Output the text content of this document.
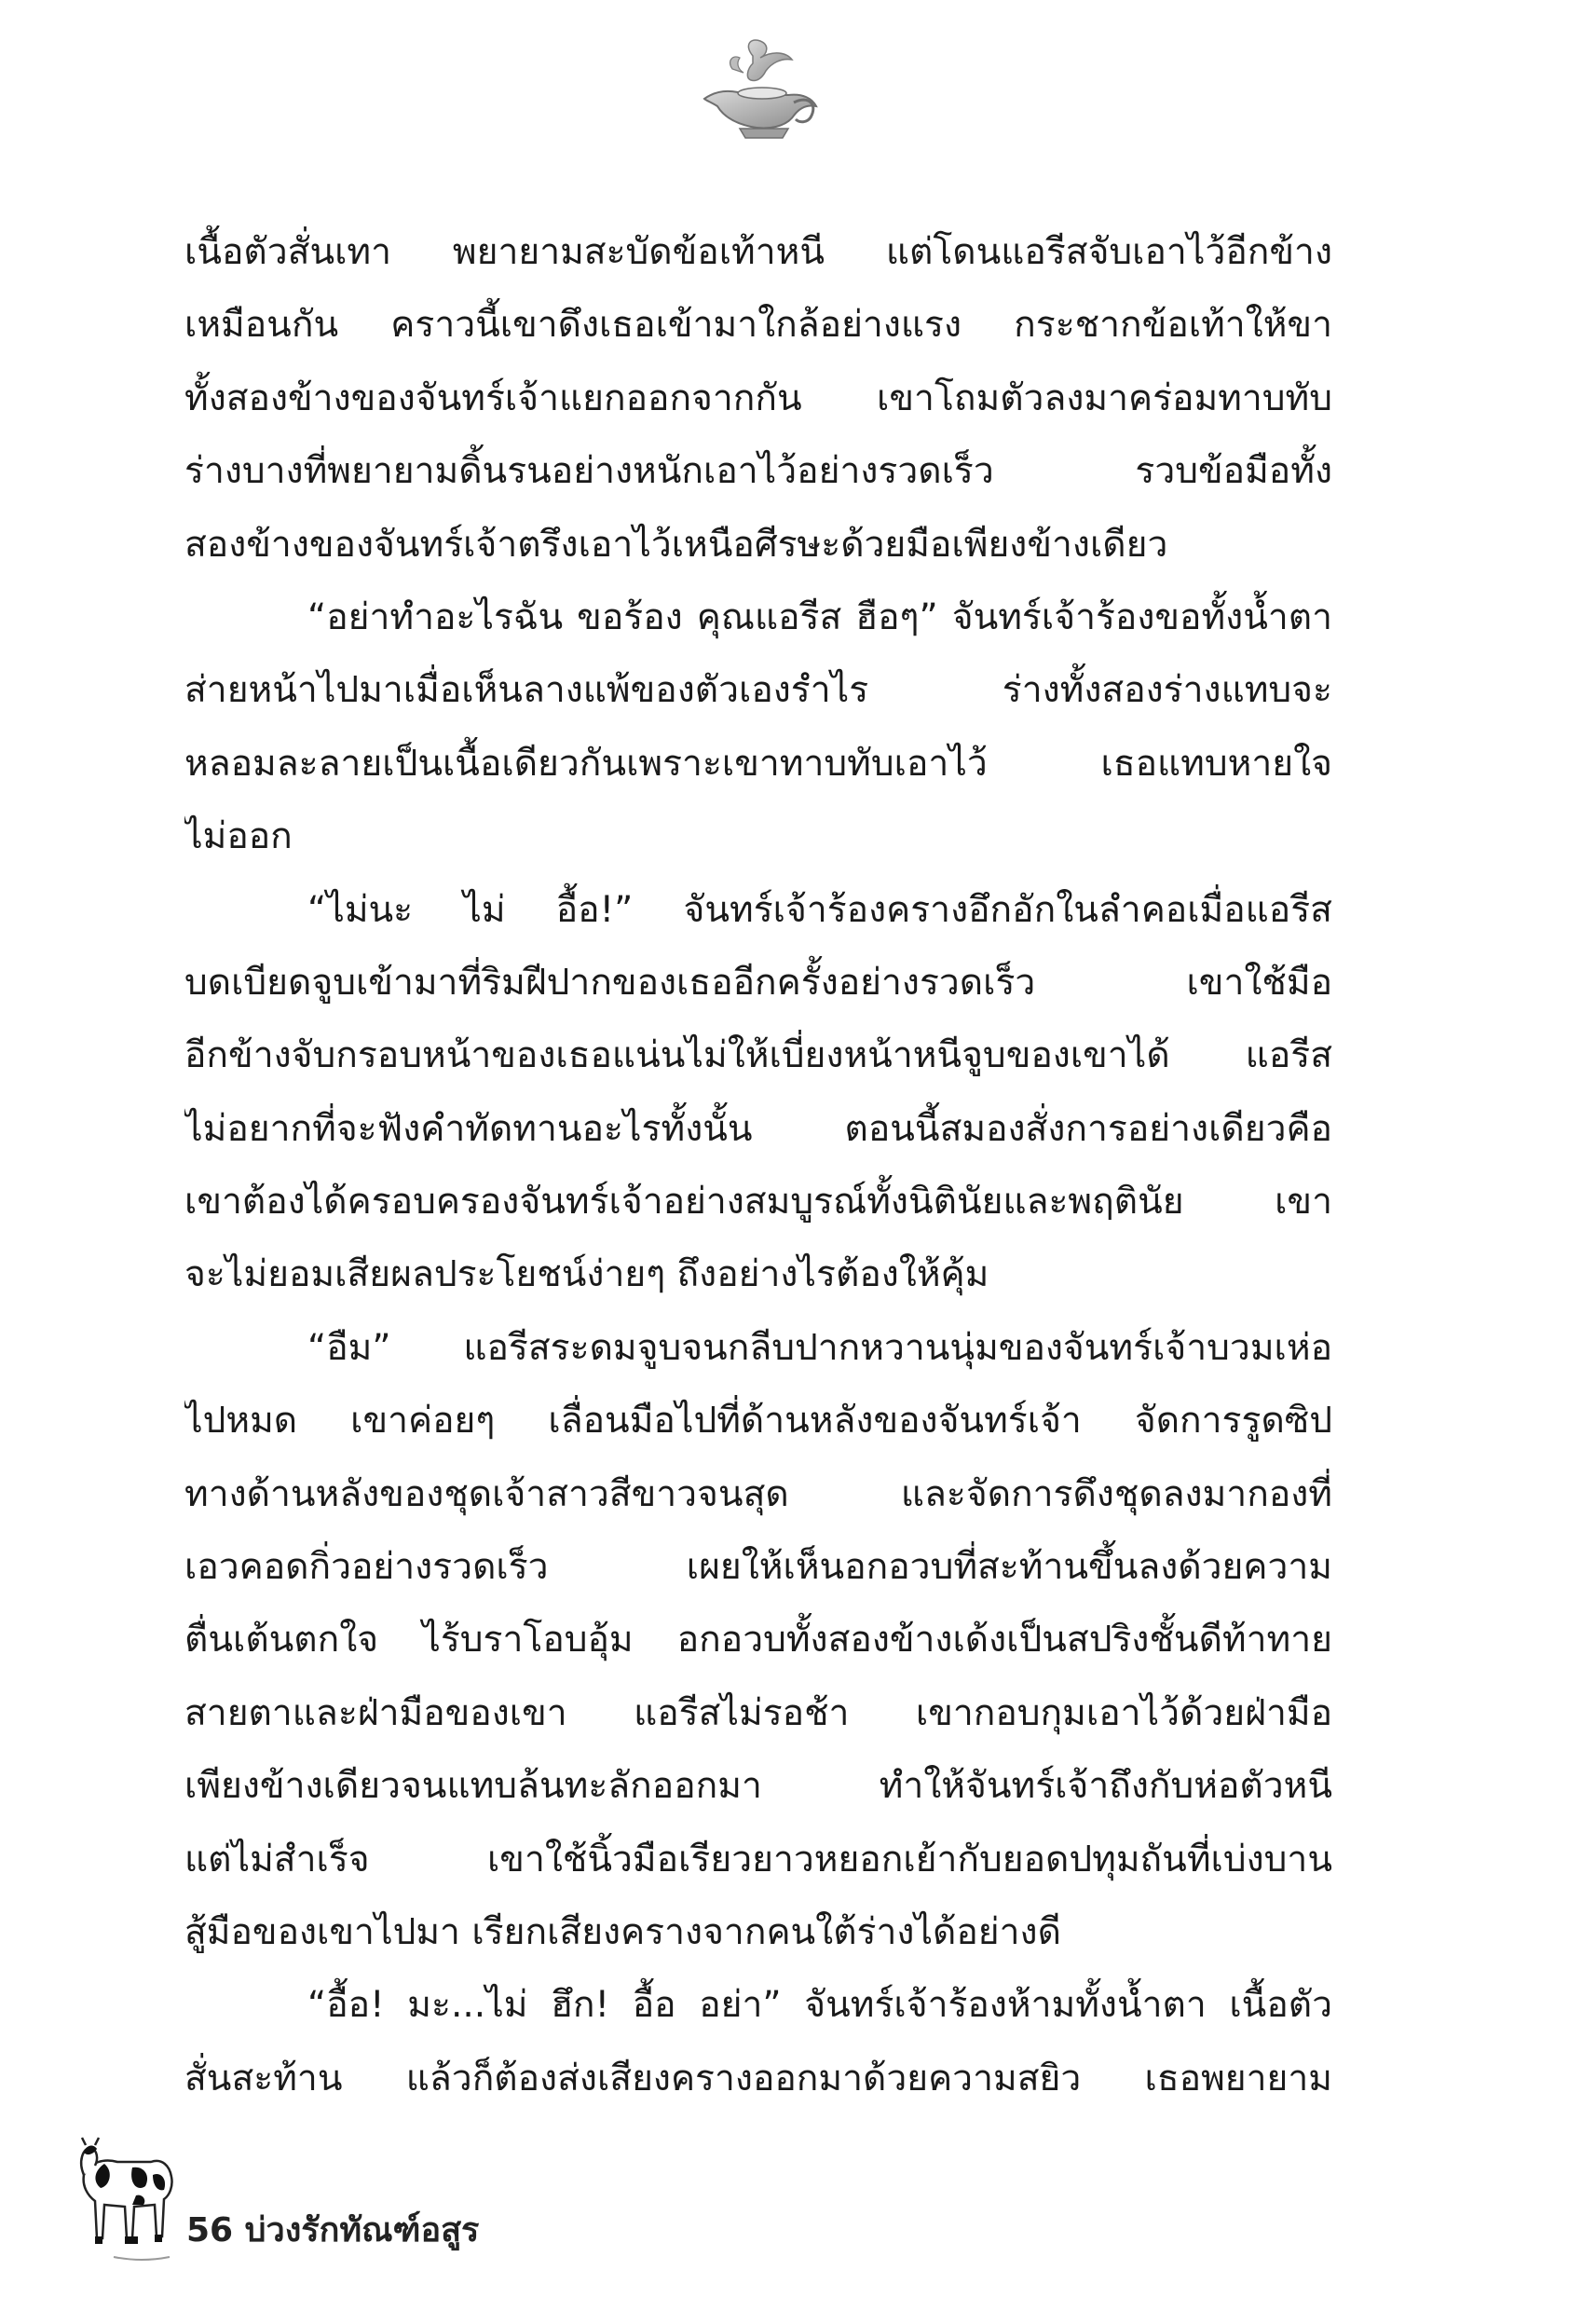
เนื้อตัวสั่นเทา พยายามสะบัดข้อเท้าหนี แต่โดนแอรีสจับเอาไว้อีกข้าง
เหมือนกัน คราวนี้เขาดึงเธอเข้ามาใกล้อย่างแรง กระชากข้อเท้าให้ขา
ทั้งสองข้างของจันทร์เจ้าแยกออกจากกัน เขาโถมตัวลงมาคร่อมทาบทับ
ร่างบางที่พยายามดิ้นรนอย่างหนักเอาไว้อย่างรวดเร็ว รวบข้อมือทั้ง
สองข้างของจันทร์เจ้าตรึงเอาไว้เหนือศีรษะด้วยมือเพียงข้างเดียว
“อย่าทำอะไรฉัน ขอร้อง คุณแอรีส ฮือๆ” จันทร์เจ้าร้องขอทั้งน้ำตา
ส่ายหน้าไปมาเมื่อเห็นลางแพ้ของตัวเองรำไร ร่างทั้งสองร่างแทบจะ
หลอมละลายเป็นเนื้อเดียวกันเพราะเขาทาบทับเอาไว้ เธอแทบหายใจ
ไม่ออก
“ไม่นะ ไม่ อื้อ!” จันทร์เจ้าร้องครางอึกอักในลำคอเมื่อแอรีส
บดเบียดจูบเข้ามาที่ริมฝีปากของเธออีกครั้งอย่างรวดเร็ว เขาใช้มือ
อีกข้างจับกรอบหน้าของเธอแน่นไม่ให้เบี่ยงหน้าหนีจูบของเขาได้ แอรีส
ไม่อยากที่จะฟังคำทัดทานอะไรทั้งนั้น ตอนนี้สมองสั่งการอย่างเดียวคือ
เขาต้องได้ครอบครองจันทร์เจ้าอย่างสมบูรณ์ทั้งนิตินัยและพฤตินัย เขา
จะไม่ยอมเสียผลประโยชน์ง่ายๆ ถึงอย่างไรต้องให้คุ้ม
“อืม” แอรีสระดมจูบจนกลีบปากหวานนุ่มของจันทร์เจ้าบวมเห่อ
ไปหมด เขาค่อยๆ เลื่อนมือไปที่ด้านหลังของจันทร์เจ้า จัดการรูดซิป
ทางด้านหลังของชุดเจ้าสาวสีขาวจนสุด และจัดการดึงชุดลงมากองที่
เอวคอดกิ่วอย่างรวดเร็ว เผยให้เห็นอกอวบที่สะท้านขึ้นลงด้วยความ
ตื่นเต้นตกใจ ไร้บราโอบอุ้ม อกอวบทั้งสองข้างเด้งเป็นสปริงชั้นดีท้าทาย
สายตาและฝ่ามือของเขา แอรีสไม่รอช้า เขากอบกุมเอาไว้ด้วยฝ่ามือ
เพียงข้างเดียวจนแทบล้นทะลักออกมา ทำให้จันทร์เจ้าถึงกับห่อตัวหนี
แต่ไม่สำเร็จ เขาใช้นิ้วมือเรียวยาวหยอกเย้ากับยอดปทุมถันที่เบ่งบาน
สู้มือของเขาไปมา เรียกเสียงครางจากคนใต้ร่างได้อย่างดี
“อื้อ! มะ...ไม่ ฮึก! อื้อ อย่า” จันทร์เจ้าร้องห้ามทั้งน้ำตา เนื้อตัว
สั่นสะท้าน แล้วก็ต้องส่งเสียงครางออกมาด้วยความสยิว เธอพยายาม
56 บ่วงรักทัณฑ์อสูร
